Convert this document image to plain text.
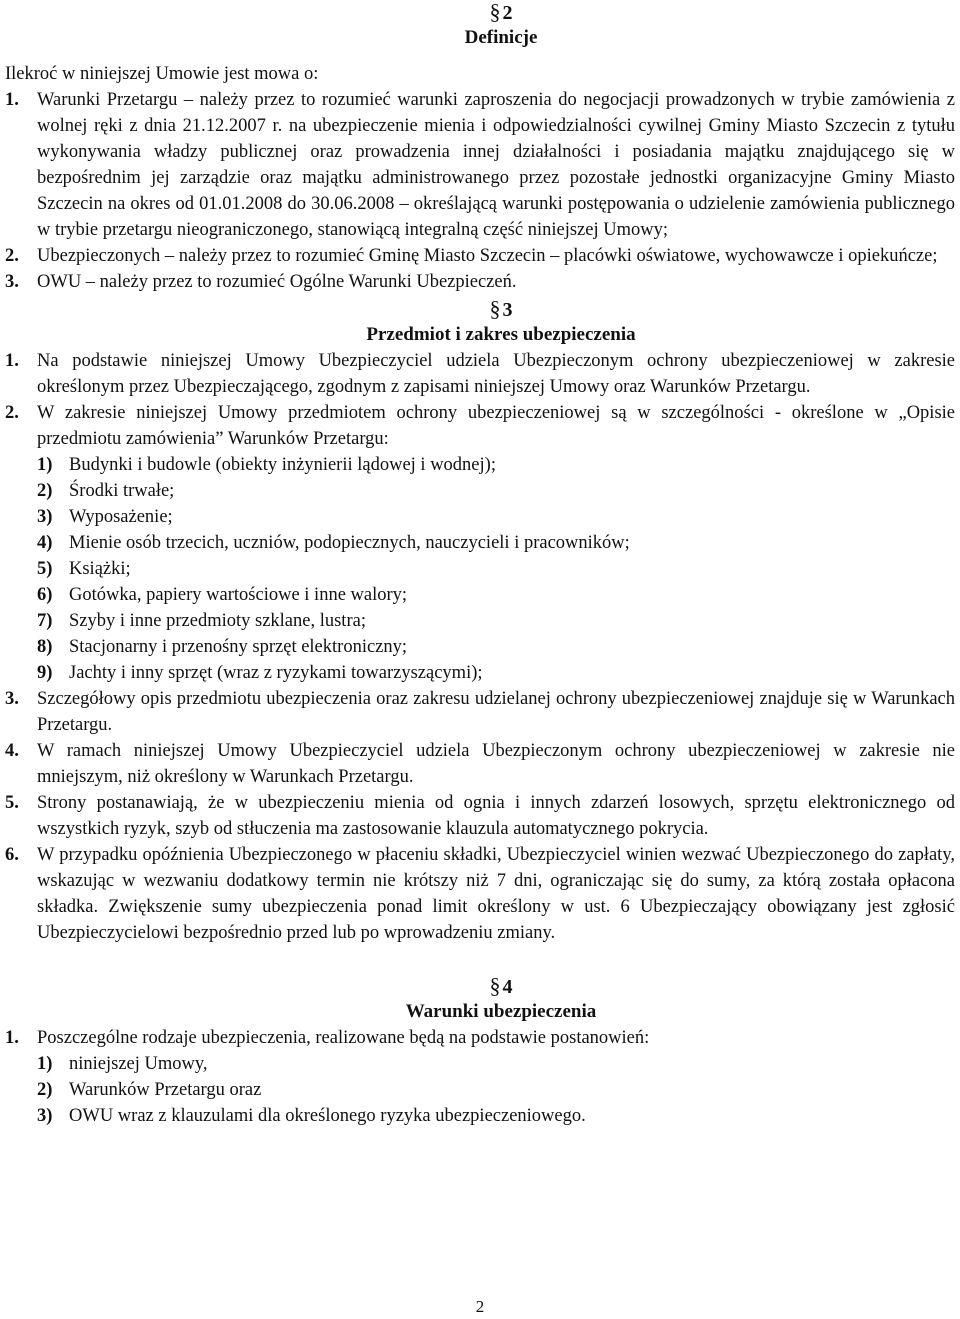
§ 2

Definicje

Ilekroć w niniejszej Umowie jest mowa o:

1. Warunki Przetargu – należy przez to rozumieć warunki zaproszenia do negocjacji prowadzonych w trybie zamówienia z wolnej ręki z dnia 21.12.2007 r. na ubezpieczenie mienia i odpowiedzialności cywilnej Gminy Miasto Szczecin z tytułu wykonywania władzy publicznej oraz prowadzenia innej działalności i posiadania majątku znajdującego się w bezpośrednim jej zarządzie oraz majątku administrowanego przez pozostałe jednostki organizacyjne Gminy Miasto Szczecin na okres od 01.01.2008 do 30.06.2008 – określającą warunki postępowania o udzielenie zamówienia publicznego w trybie przetargu nieograniczonego, stanowiącą integralną część niniejszej Umowy;
2. Ubezpieczonych – należy przez to rozumieć Gminę Miasto Szczecin – placówki oświatowe, wychowawcze i opiekuńcze;
3. OWU – należy przez to rozumieć Ogólne Warunki Ubezpieczeń.

§ 3

Przedmiot i zakres ubezpieczenia

1. Na podstawie niniejszej Umowy Ubezpieczyciel udziela Ubezpieczonym ochrony ubezpieczeniowej w zakresie określonym przez Ubezpieczającego, zgodnym z zapisami niniejszej Umowy oraz Warunków Przetargu.
2. W zakresie niniejszej Umowy przedmiotem ochrony ubezpieczeniowej są w szczególności - określone w „Opisie przedmiotu zamówienia” Warunków Przetargu:
1) Budynki i budowle (obiekty inżynierii lądowej i wodnej);
2) Środki trwałe;
3) Wyposażenie;
4) Mienie osób trzecich, uczniów, podopiecznych, nauczycieli i pracowników;
5) Książki;
6) Gotówka, papiery wartościowe i inne walory;
7) Szyby i inne przedmioty szklane, lustra;
8) Stacjonarny i przenośny sprzęt elektroniczny;
9) Jachty i inny sprzęt (wraz z ryzykami towarzyszącymi);
3. Szczegółowy opis przedmiotu ubezpieczenia oraz zakresu udzielanej ochrony ubezpieczeniowej znajduje się w Warunkach Przetargu.
4. W ramach niniejszej Umowy Ubezpieczyciel udziela Ubezpieczonym ochrony ubezpieczeniowej w zakresie nie mniejszym, niż określony w Warunkach Przetargu.
5. Strony postanawiają, że w ubezpieczeniu mienia od ognia i innych zdarzeń losowych, sprzętu elektronicznego od wszystkich ryzyk, szyb od stłuczenia ma zastosowanie klauzula automatycznego pokrycia.
6. W przypadku opóźnienia Ubezpieczonego w płaceniu składki, Ubezpieczyciel winien wezwać Ubezpieczonego do zapłaty, wskazując w wezwaniu dodatkowy termin nie krótszy niż 7 dni, ograniczając się do sumy, za którą została opłacona składka. Zwiększenie sumy ubezpieczenia ponad limit określony w ust. 6 Ubezpieczający obowiązany jest zgłosić Ubezpieczycielowi bezpośrednio przed lub po wprowadzeniu zmiany.

§ 4

Warunki ubezpieczenia

1. Poszczególne rodzaje ubezpieczenia, realizowane będą na podstawie postanowień:
1) niniejszej Umowy,
2) Warunków Przetargu oraz
3) OWU wraz z klauzulami dla określonego ryzyka ubezpieczeniowego.
2
